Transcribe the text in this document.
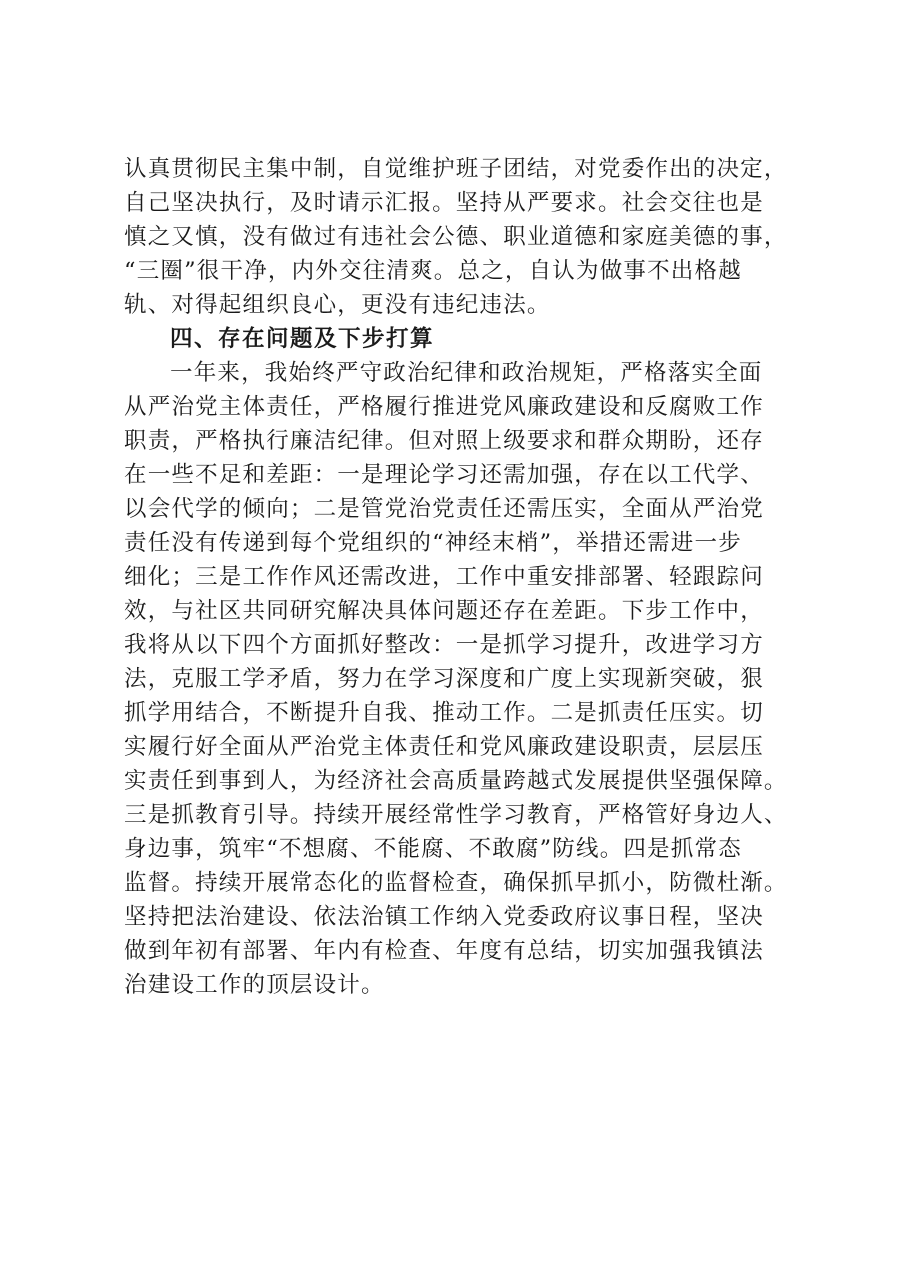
认真贯彻民主集中制，自觉维护班子团结，对党委作出的决定，
自己坚决执行，及时请示汇报。坚持从严要求。社会交往也是
慎之又慎，没有做过有违社会公德、职业道德和家庭美德的事，
“三圈”很干净，内外交往清爽。总之，自认为做事不出格越
轨、对得起组织良心，更没有违纪违法。
四、存在问题及下步打算
一年来，我始终严守政治纪律和政治规矩，严格落实全面
从严治党主体责任，严格履行推进党风廉政建设和反腐败工作
职责，严格执行廉洁纪律。但对照上级要求和群众期盼，还存
在一些不足和差距：一是理论学习还需加强，存在以工代学、
以会代学的倾向；二是管党治党责任还需压实，全面从严治党
责任没有传递到每个党组织的“神经末梢”，举措还需进一步
细化；三是工作作风还需改进，工作中重安排部署、轻跟踪问
效，与社区共同研究解决具体问题还存在差距。下步工作中，
我将从以下四个方面抓好整改：一是抓学习提升，改进学习方
法，克服工学矛盾，努力在学习深度和广度上实现新突破，狠
抓学用结合，不断提升自我、推动工作。二是抓责任压实。切
实履行好全面从严治党主体责任和党风廉政建设职责，层层压
实责任到事到人，为经济社会高质量跨越式发展提供坚强保障。
三是抓教育引导。持续开展经常性学习教育，严格管好身边人、
身边事，筑牢“不想腐、不能腐、不敢腐”防线。四是抓常态
监督。持续开展常态化的监督检查，确保抓早抓小，防微杜渐。
坚持把法治建设、依法治镇工作纳入党委政府议事日程，坚决
做到年初有部署、年内有检查、年度有总结，切实加强我镇法
治建设工作的顶层设计。
